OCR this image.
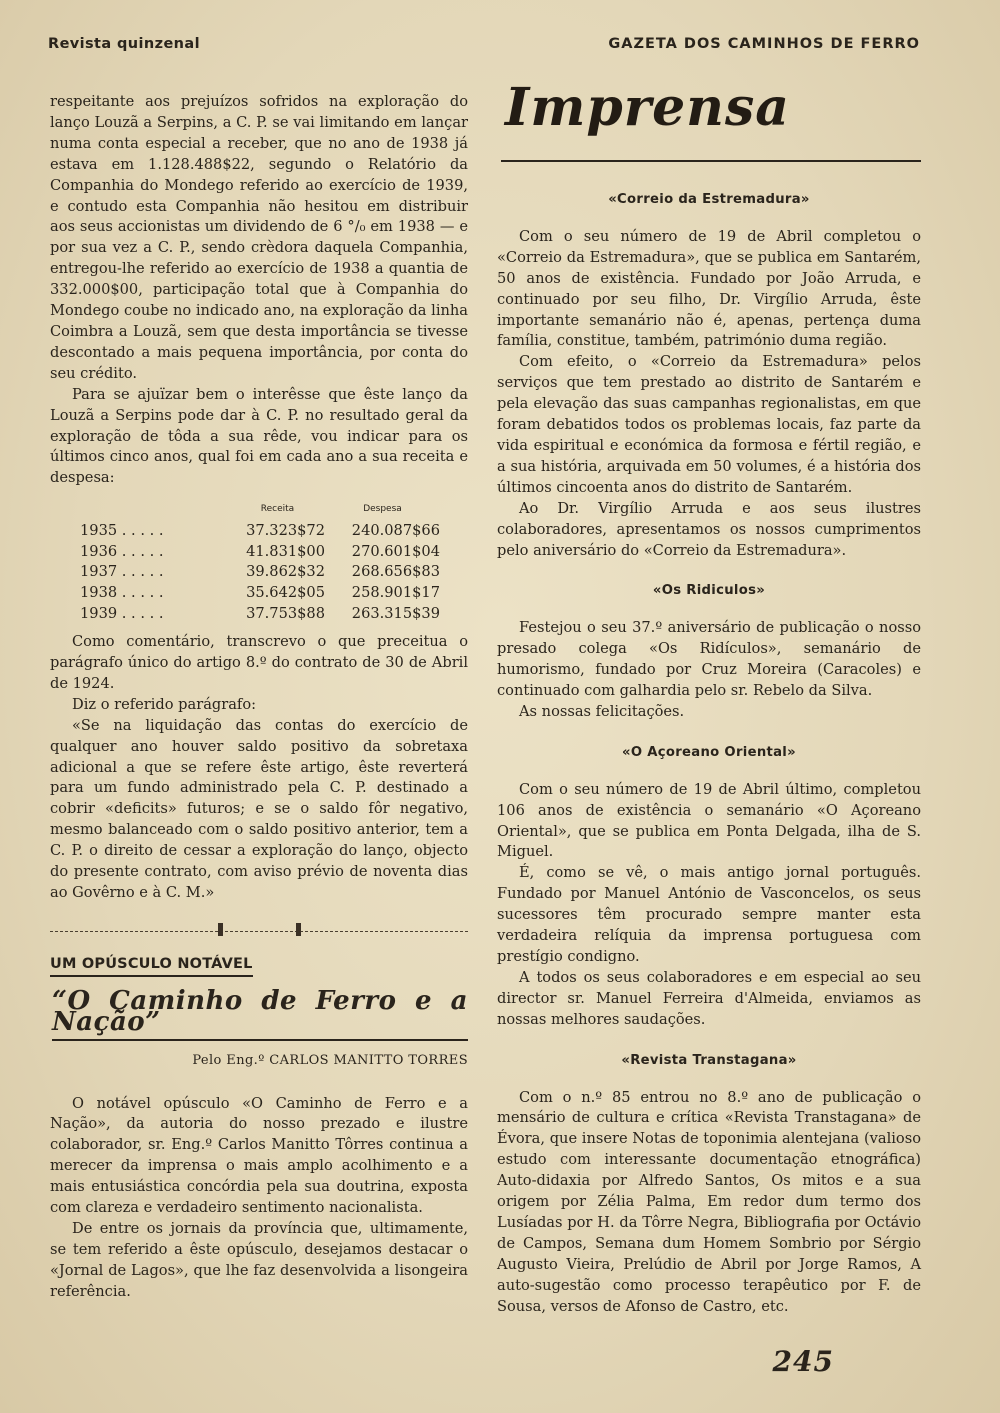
Revista quinzenal	GAZETA DOS CAMINHOS DE FERRO

respeitante aos prejuízos sofridos na exploração do lanço Louzã a Serpins, a C. P. se vai limitando em lançar numa conta especial a receber, que no ano de 1938 já estava em 1.128.488$22, segundo o Relatório da Companhia do Mondego referido ao exercício de 1939, e contudo esta Companhia não hesitou em distribuir aos seus accionistas um dividendo de 6 °/₀ em 1938 — e por sua vez a C. P., sendo crèdora daquela Companhia, entregou-lhe referido ao exercício de 1938 a quantia de 332.000$00, participação total que à Companhia do Mondego coube no indicado ano, na exploração da linha Coimbra a Louzã, sem que desta importância se tivesse descontado a mais pequena importância, por conta do seu crédito.

Para se ajuïzar bem o interêsse que êste lanço da Louzã a Serpins pode dar à C. P. no resultado geral da exploração de tôda a sua rêde, vou indicar para os últimos cinco anos, qual foi em cada ano a sua receita e despesa:

	Receita	Despesa
1935 . . . . .	37.323$72	240.087$66
1936 . . . . .	41.831$00	270.601$04
1937 . . . . .	39.862$32	268.656$83
1938 . . . . .	35.642$05	258.901$17
1939 . . . . .	37.753$88	263.315$39

Como comentário, transcrevo o que preceitua o parágrafo único do artigo 8.º do contrato de 30 de Abril de 1924.

Diz o referido parágrafo:

«Se na liquidação das contas do exercício de qualquer ano houver saldo positivo da sobretaxa adicional a que se refere êste artigo, êste reverterá para um fundo administrado pela C. P. destinado a cobrir «deficits» futuros; e se o saldo fôr negativo, mesmo balanceado com o saldo positivo anterior, tem a C. P. o direito de cessar a exploração do lanço, objecto do presente contrato, com aviso prévio de noventa dias ao Govêrno e à C. M.»

UM OPÚSCULO NOTÁVEL
“O Caminho de Ferro e a Nação”
Pelo Eng.º CARLOS MANITTO TORRES

O notável opúsculo «O Caminho de Ferro e a Nação», da autoria do nosso prezado e ilustre colaborador, sr. Eng.º Carlos Manitto Tôrres continua a merecer da imprensa o mais amplo acolhimento e a mais entusiástica concórdia pela sua doutrina, exposta com clareza e verdadeiro sentimento nacionalista.

De entre os jornais da província que, ultimamente, se tem referido a êste opúsculo, desejamos destacar o «Jornal de Lagos», que lhe faz desenvolvida a lisongeira referência.

Imprensa
«Correio da Estremadura»

Com o seu número de 19 de Abril completou o «Correio da Estremadura», que se publica em Santarém, 50 anos de existência. Fundado por João Arruda, e continuado por seu filho, Dr. Virgílio Arruda, êste importante semanário não é, apenas, pertença duma família, constitue, também, património duma região.

Com efeito, o «Correio da Estremadura» pelos serviços que tem prestado ao distrito de Santarém e pela elevação das suas campanhas regionalistas, em que foram debatidos todos os problemas locais, faz parte da vida espiritual e económica da formosa e fértil região, e a sua história, arquivada em 50 volumes, é a história dos últimos cincoenta anos do distrito de Santarém.

Ao Dr. Virgílio Arruda e aos seus ilustres colaboradores, apresentamos os nossos cumprimentos pelo aniversário do «Correio da Estremadura».

«Os Ridiculos»

Festejou o seu 37.º aniversário de publicação o nosso presado colega «Os Ridículos», semanário de humorismo, fundado por Cruz Moreira (Caracoles) e continuado com galhardia pelo sr. Rebelo da Silva.

As nossas felicitações.

«O Açoreano Oriental»

Com o seu número de 19 de Abril último, completou 106 anos de existência o semanário «O Açoreano Oriental», que se publica em Ponta Delgada, ilha de S. Miguel.

É, como se vê, o mais antigo jornal português. Fundado por Manuel António de Vasconcelos, os seus sucessores têm procurado sempre manter esta verdadeira relíquia da imprensa portuguesa com prestígio condigno.

A todos os seus colaboradores e em especial ao seu director sr. Manuel Ferreira d'Almeida, enviamos as nossas melhores saudações.

«Revista Transtagana»

Com o n.º 85 entrou no 8.º ano de publicação o mensário de cultura e crítica «Revista Transtagana» de Évora, que insere Notas de toponimia alentejana (valioso estudo com interessante documentação etnográfica) Auto-didaxia por Alfredo Santos, Os mitos e a sua origem por Zélia Palma, Em redor dum termo dos Lusíadas por H. da Tôrre Negra, Bibliografia por Octávio de Campos, Semana dum Homem Sombrio por Sérgio Augusto Vieira, Prelúdio de Abril por Jorge Ramos, A auto-sugestão como processo terapêutico por F. de Sousa, versos de Afonso de Castro, etc.

245
